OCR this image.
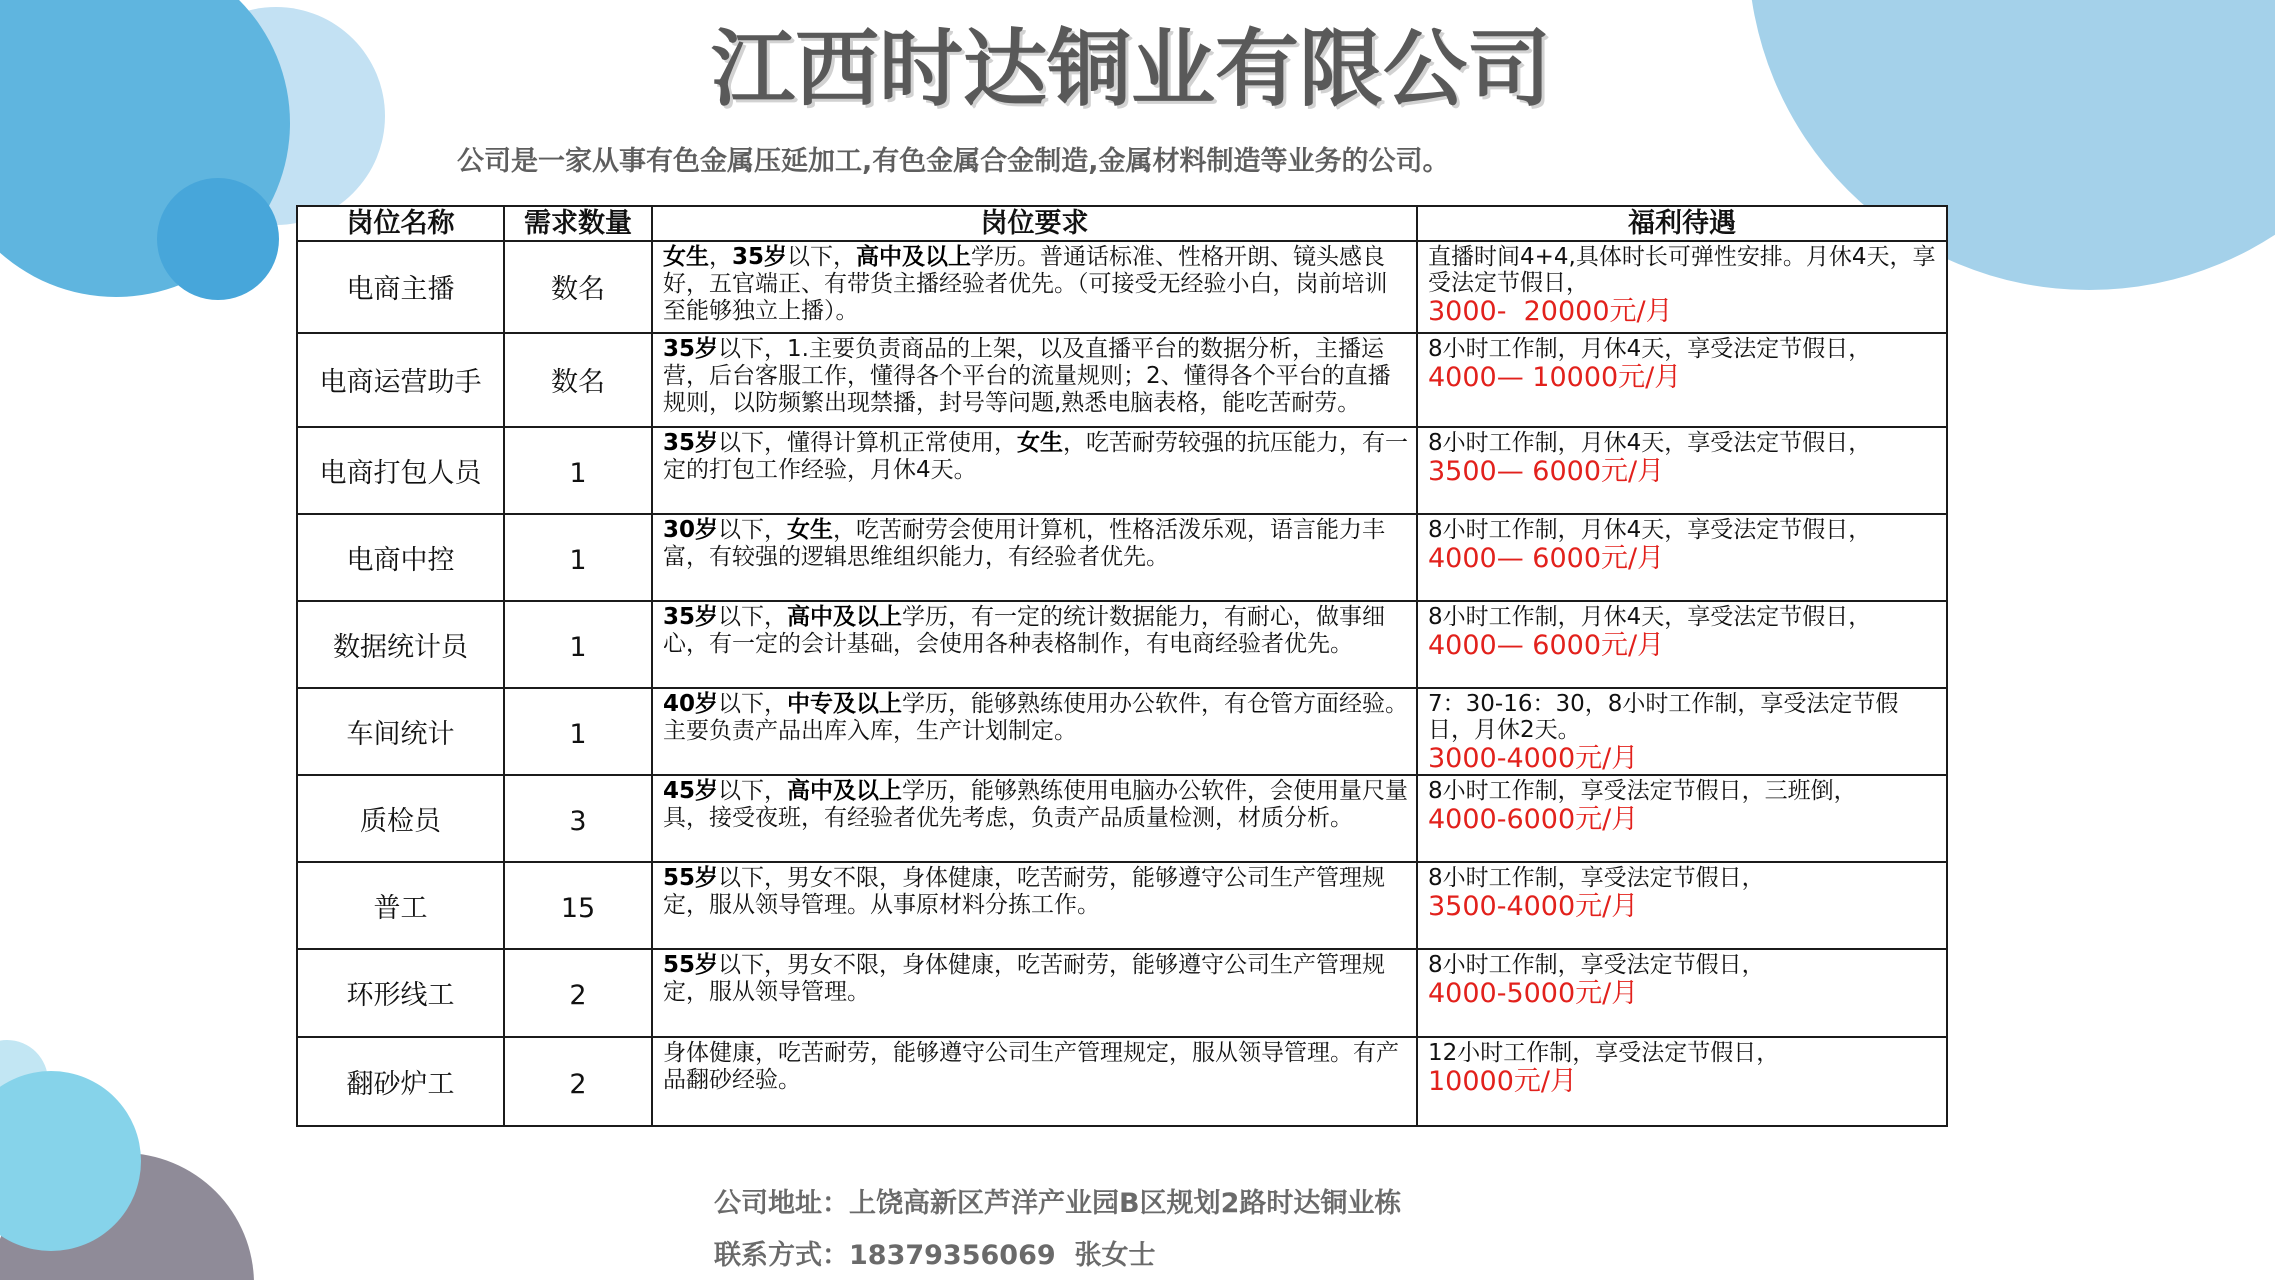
江西时达铜业有限公司
公司是一家从事有色金属压延加工,有色金属合金制造,金属材料制造等业务的公司。
岗位名称	需求数量	岗位要求	福利待遇
电商主播	数名	女生，35岁以下，高中及以上学历。普通话标准、性格开朗、镜头感良好，五官端正、有带货主播经验者优先。（可接受无经验小白，岗前培训至能够独立上播）。	直播时间4+4,具体时长可弹性安排。月休4天，享受法定节假日，
3000-  20000元/月

电商运营助手	数名	35岁以下，1.主要负责商品的上架，以及直播平台的数据分析，主播运营，后台客服工作，懂得各个平台的流量规则；2、懂得各个平台的直播规则，以防频繁出现禁播，封号等问题,熟悉电脑表格，能吃苦耐劳。	8小时工作制，月休4天，享受法定节假日，
4000— 10000元/月

电商打包人员	1	35岁以下，懂得计算机正常使用，女生，吃苦耐劳较强的抗压能力，有一定的打包工作经验，月休4天。	8小时工作制，月休4天，享受法定节假日，
3500— 6000元/月

电商中控	1	30岁以下，女生，吃苦耐劳会使用计算机，性格活泼乐观，语言能力丰富，有较强的逻辑思维组织能力，有经验者优先。	8小时工作制，月休4天，享受法定节假日，
4000— 6000元/月

数据统计员	1	35岁以下，高中及以上学历，有一定的统计数据能力，有耐心，做事细心，有一定的会计基础，会使用各种表格制作，有电商经验者优先。	8小时工作制，月休4天，享受法定节假日，
4000— 6000元/月

车间统计	1	40岁以下，中专及以上学历，能够熟练使用办公软件，有仓管方面经验。主要负责产品出库入库，生产计划制定。	7：30-16：30，8小时工作制，享受法定节假日，月休2天。
3000-4000元/月

质检员	3	45岁以下，高中及以上学历，能够熟练使用电脑办公软件，会使用量尺量具，接受夜班，有经验者优先考虑，负责产品质量检测，材质分析。	8小时工作制，享受法定节假日，三班倒，
4000-6000元/月

普工	15	55岁以下，男女不限，身体健康，吃苦耐劳，能够遵守公司生产管理规定，服从领导管理。从事原材料分拣工作。	8小时工作制，享受法定节假日，
3500-4000元/月

环形线工	2	55岁以下，男女不限，身体健康，吃苦耐劳，能够遵守公司生产管理规定，服从领导管理。	8小时工作制，享受法定节假日，
4000-5000元/月

翻砂炉工	2	身体健康，吃苦耐劳，能够遵守公司生产管理规定，服从领导管理。有产品翻砂经验。	12小时工作制，享受法定节假日，
10000元/月
公司地址：上饶高新区芦洋产业园B区规划2路时达铜业栋
联系方式：18379356069  张女士
